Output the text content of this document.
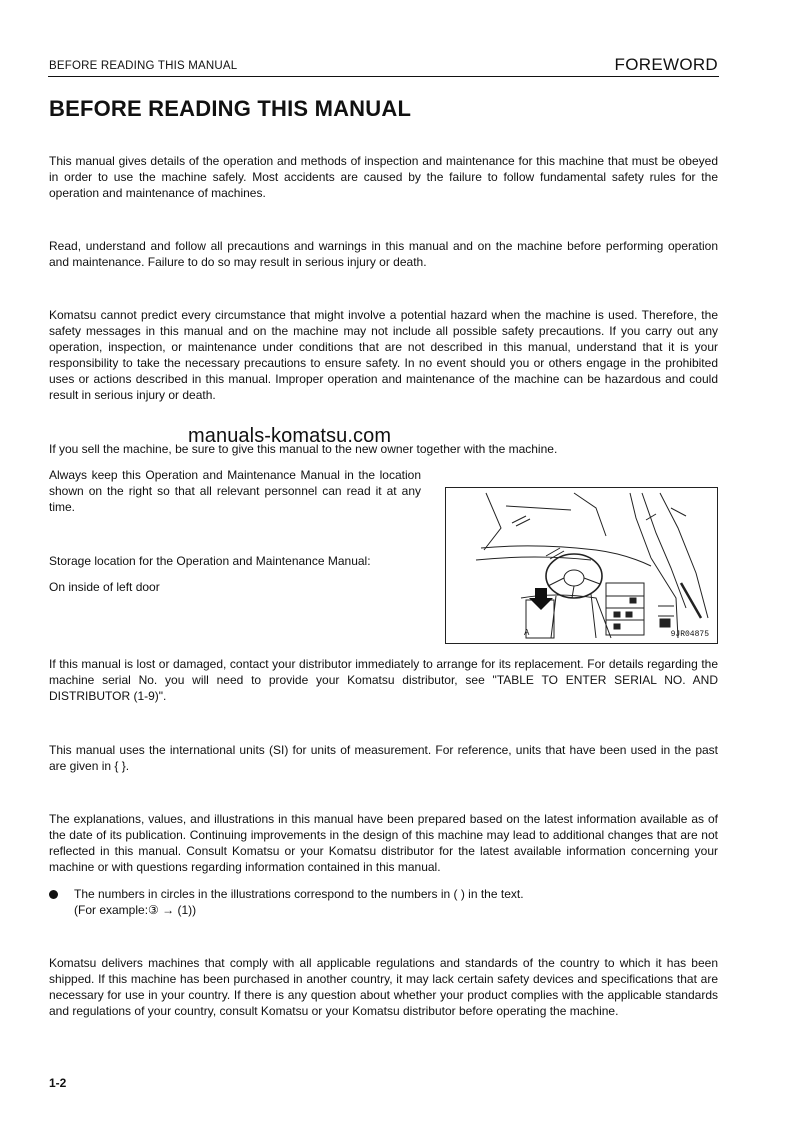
BEFORE READING THIS MANUAL	FOREWORD
BEFORE READING THIS MANUAL

This manual gives details of the operation and methods of inspection and maintenance for this machine that must be obeyed in order to use the machine safely. Most accidents are caused by the failure to follow fundamental safety rules for the operation and maintenance of machines.

Read, understand and follow all precautions and warnings in this manual and on the machine before performing operation and maintenance. Failure to do so may result in serious injury or death.

Komatsu cannot predict every circumstance that might involve a potential hazard when the machine is used. Therefore, the safety messages in this manual and on the machine may not include all possible safety precautions. If you carry out any operation, inspection, or maintenance under conditions that are not described in this manual, understand that it is your responsibility to take the necessary precautions to ensure safety. In no event should you or others engage in the prohibited uses or actions described in this manual. Improper operation and maintenance of the machine can be hazardous and could result in serious injury or death.

If you sell the machine, be sure to give this manual to the new owner together with the machine.

manuals-komatsu.com

Always keep this Operation and Maintenance Manual in the location shown on the right so that all relevant personnel can read it at any time.

Storage location for the Operation and Maintenance Manual:

On inside of left door

A	9JR04875

If this manual is lost or damaged, contact your distributor immediately to arrange for its replacement. For details regarding the machine serial No. you will need to provide your Komatsu distributor, see "TABLE TO ENTER SERIAL NO. AND DISTRIBUTOR (1-9)".

This manual uses the international units (SI) for units of measurement. For reference, units that have been used in the past are given in { }.

The explanations, values, and illustrations in this manual have been prepared based on the latest information available as of the date of its publication. Continuing improvements in the design of this machine may lead to additional changes that are not reflected in this manual. Consult Komatsu or your Komatsu distributor for the latest available information concerning your machine or with questions regarding information contained in this manual.

The numbers in circles in the illustrations correspond to the numbers in ( ) in the text.
(For example:③ → (1))

Komatsu delivers machines that comply with all applicable regulations and standards of the country to which it has been shipped. If this machine has been purchased in another country, it may lack certain safety devices and specifications that are necessary for use in your country. If there is any question about whether your product complies with the applicable standards and regulations of your country, consult Komatsu or your Komatsu distributor before operating the machine.

1-2
